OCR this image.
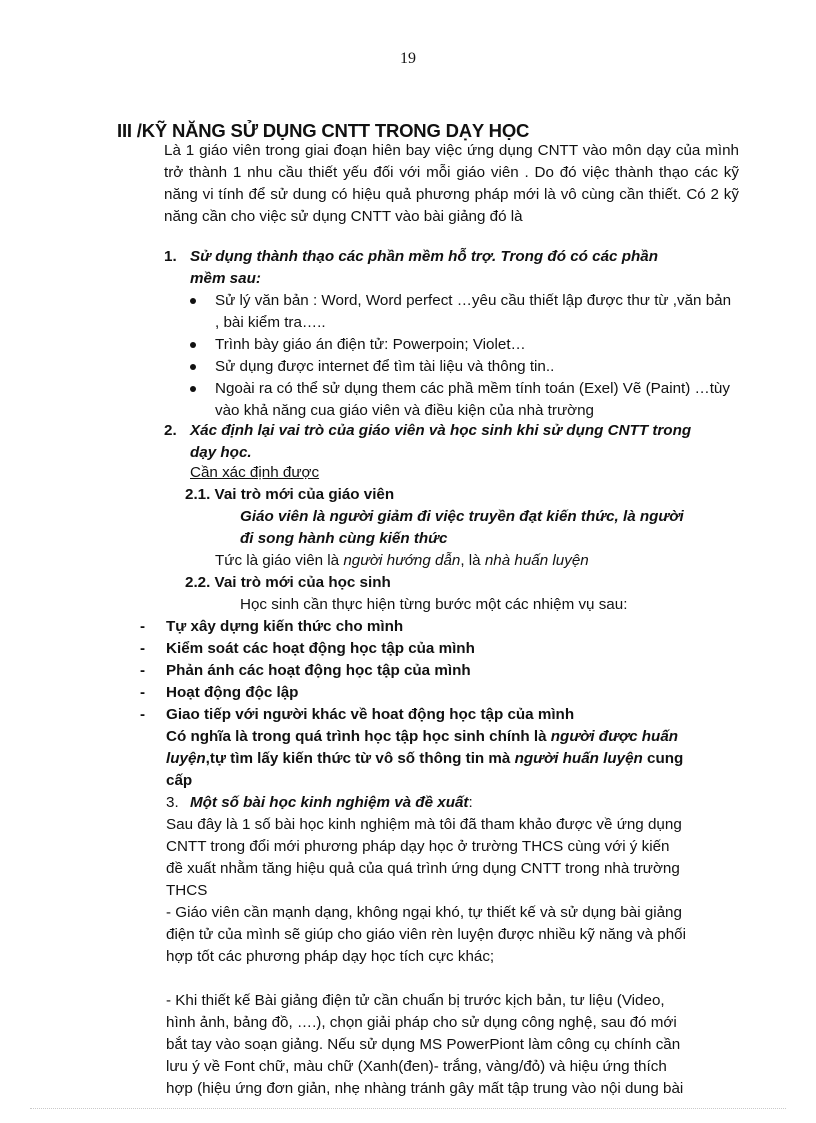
19
III /KỸ NĂNG SỬ DỤNG CNTT TRONG DẠY HỌC
Là 1 giáo viên trong giai đoạn hiên bay việc ứng dụng CNTT vào môn dạy của mình trở thành 1 nhu cầu thiết yếu đối với mỗi giáo viên . Do đó việc thành thạo các kỹ năng vi tính để sử dung có hiệu quả phương pháp mới là vô cùng cần thiết. Có 2 kỹ năng cần cho việc sử dụng CNTT vào bài giảng đó là
1. Sử dụng thành thạo các phần mềm hỗ trợ. Trong đó có các phần
mềm sau:
Sử lý văn bản : Word, Word perfect …yêu cầu thiết lập được thư từ ,văn bản , bài kiểm tra…..
Trình bày giáo án điện tử: Powerpoin; Violet…
Sử dụng được internet để tìm tài liệu và thông tin..
Ngoài ra có thể sử dụng them các phầ mềm tính toán (Exel) Vẽ (Paint) …tùy vào khả năng cua giáo viên và điều kiện của nhà trường
2. Xác định lại vai trò của giáo viên và học sinh khi sử dụng CNTT trong
dạy học.
Cần xác định được
2.1. Vai trò mới của giáo viên
Giáo viên là người giảm đi việc truyền đạt kiến thức, là người
đi song hành cùng kiến thức
Tức là giáo viên là người hướng dẫn, là nhà huấn luyện
2.2. Vai trò mới của học sinh
Học sinh cần thực hiện từng bước một các nhiệm vụ sau:
- Tự xây dựng kiến thức cho mình
- Kiểm soát các hoạt động học tập của mình
- Phản ánh các hoạt động học tập của mình
- Hoạt động độc lập
- Giao tiếp với người khác về hoat động học tập của mình
Có nghĩa là trong quá trình học tập học sinh chính là người được huấn
luyện,tự tìm lấy kiến thức từ vô số thông tin mà người huấn luyện cung
cấp
3. Một số bài học kinh nghiệm và đề xuất:
Sau đây là 1 số bài học kinh nghiệm mà tôi đã tham khảo được về ứng dụng
CNTT trong đổi mới phương pháp dạy học ở trường THCS cùng với ý kiến
đề xuất nhằm tăng hiệu quả của quá trình ứng dụng CNTT trong nhà trường
THCS
- Giáo viên cần mạnh dạng, không ngại khó, tự thiết kế và sử dụng bài giảng
điện tử của mình sẽ giúp cho giáo viên rèn luyện được nhiều kỹ năng và phối
hợp tốt các phương pháp dạy học tích cực khác;
- Khi thiết kế Bài giảng điện tử cần chuẩn bị trước kịch bản, tư liệu (Video,
hình ảnh, bảng đồ, ….), chọn giải pháp cho sử dụng công nghệ, sau đó mới
bắt tay vào soạn giảng. Nếu sử dụng MS PowerPiont làm công cụ chính cần
lưu ý về Font chữ, màu chữ (Xanh(đen)- trắng, vàng/đỏ) và hiệu ứng thích
hợp (hiệu ứng đơn giản, nhẹ nhàng tránh gây mất tập trung vào nội dung bài
